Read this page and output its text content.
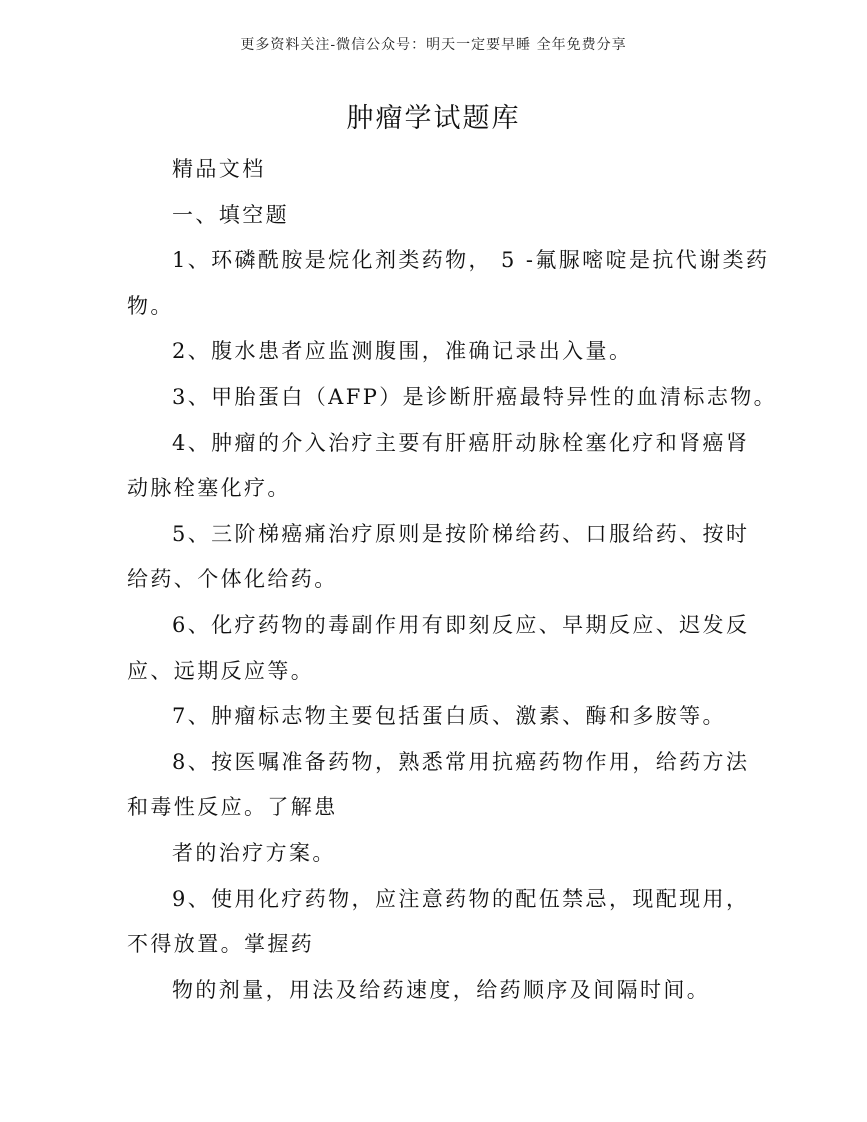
更多资料关注-微信公众号：明天一定要早睡 全年免费分享
肿瘤学试题库
精品文档
一、填空题
1、环磷酰胺是烷化剂类药物， 5 -氟脲嘧啶是抗代谢类药
物。
2、腹水患者应监测腹围，准确记录出入量。
3、甲胎蛋白（AFP）是诊断肝癌最特异性的血清标志物。
4、肿瘤的介入治疗主要有肝癌肝动脉栓塞化疗和肾癌肾
动脉栓塞化疗。
5、三阶梯癌痛治疗原则是按阶梯给药、口服给药、按时
给药、个体化给药。
6、化疗药物的毒副作用有即刻反应、早期反应、迟发反
应、远期反应等。
7、肿瘤标志物主要包括蛋白质、激素、酶和多胺等。
8、按医嘱准备药物，熟悉常用抗癌药物作用，给药方法
和毒性反应。了解患
者的治疗方案。
9、使用化疗药物，应注意药物的配伍禁忌，现配现用，
不得放置。掌握药
物的剂量，用法及给药速度，给药顺序及间隔时间。
